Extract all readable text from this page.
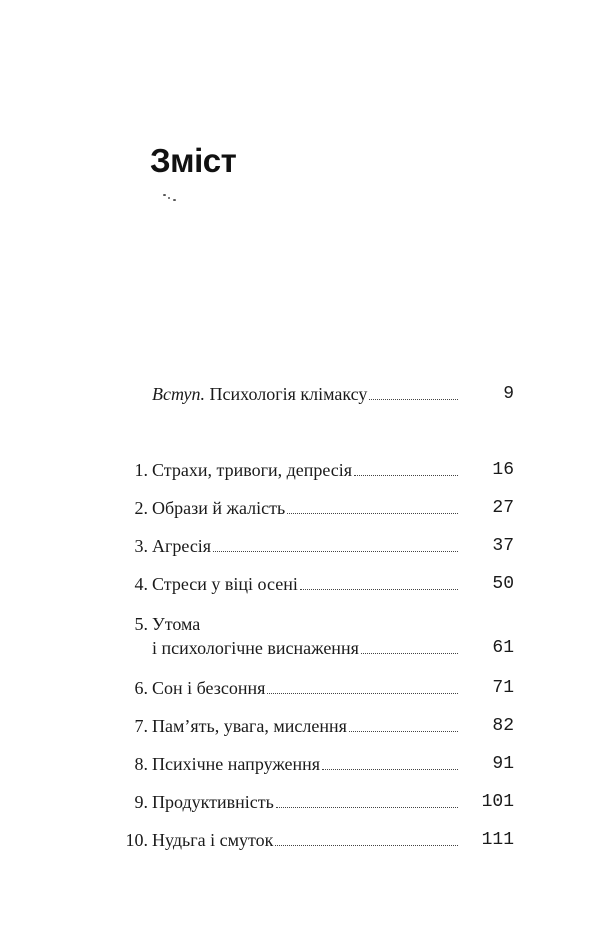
Зміст
Вступ. Психологія клімаксу	9
1. Страхи, тривоги, депресія	16
2. Образи й жалість	27
3. Агресія	37
4. Стреси у віці осені	50
5. Утома
і психологічне виснаження	61
6. Сон і безсоння	71
7. Пам’ять, увага, мислення	82
8. Психічне напруження	91
9. Продуктивність	101
10. Нудьга і смуток	111
